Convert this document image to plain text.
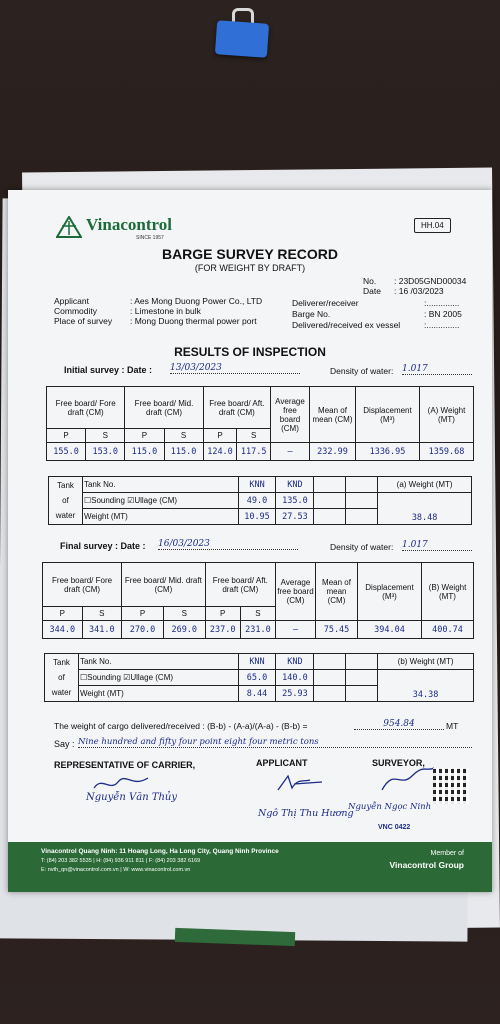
Vinacontrol
SINCE 1957
HH.04
BARGE SURVEY RECORD
(FOR WEIGHT BY DRAFT)
No. : 23D05GND00034
Date : 16 /03/2023
Applicant	: Aes Mong Duong Power Co., LTD
Commodity	: Limestone in bulk
Place of survey : Mong Duong thermal power port
Deliverer/receiver	:..............
Barge No.	: BN 2005
Delivered/received ex vessel	:..............
RESULTS OF INSPECTION
Initial survey : Date : 13/03/2023	Density of water: 1.017
Free board/ Fore draft (CM)		Free board/ Mid. draft (CM)		Free board/ Aft. draft (CM)		Average free board (CM)	Mean of mean (CM)	Displacement (M³)	(A) Weight (MT)
P	S	P	S	P	S				
155.0	153.0	115.0	115.0	124.0	117.5	–	232.99	1336.95	1359.68
Tank
of
water	Tank No.	KNN	KND			(a) Weight (MT)
	☐Sounding ☑Ullage (CM)	49.0	135.0			38.48
	Weight (MT)	10.95	27.53			
Final survey : Date : 16/03/2023	Density of water: 1.017
Free board/ Fore draft (CM)		Free board/ Mid. draft (CM)		Free board/ Aft. draft (CM)		Average free board (CM)	Mean of mean (CM)	Displacement (M³)	(B) Weight (MT)
P	S	P	S	P	S				
344.0	341.0	270.0	269.0	237.0	231.0	–	75.45	394.04	400.74
Tank
of
water	Tank No.	KNN	KND			(b) Weight (MT)
	☐Sounding ☑Ullage (CM)	65.0	140.0			34.38
	Weight (MT)	8.44	25.93			
The weight of cargo delivered/received : (B-b) - (A-a)/(A-a) - (B-b) =	954.84	MT
Say : Nine hundred and fifty four point eight four metric tons
REPRESENTATIVE OF CARRIER,	APPLICANT	SURVEYOR,
Nguyễn Văn Thủy
Ngô Thị Thu Hương
Nguyễn Ngọc Ninh
VNC 0422
Vinacontrol Quang Ninh: 11 Hoang Long, Ha Long City, Quang Ninh Province
T: (84) 203 382 5535 | H: (84) 936 911 811 | F: (84) 203 382 6169
E: nvth_qn@vinacontrol.com.vn | W: www.vinacontrol.com.vn
Member of
Vinacontrol Group
